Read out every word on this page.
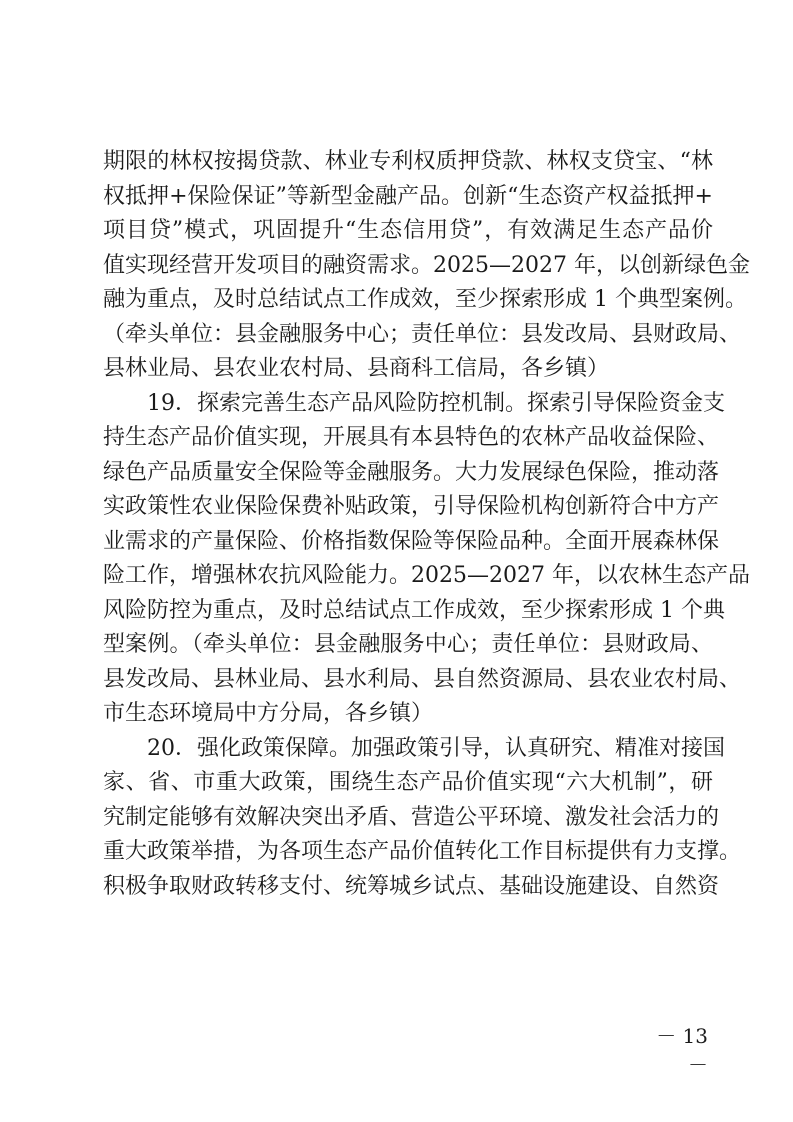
期限的林权按揭贷款、林业专利权质押贷款、林权支贷宝、“林
权抵押+保险保证”等新型金融产品。创新“生态资产权益抵押+
项目贷”模式，巩固提升“生态信用贷”，有效满足生态产品价
值实现经营开发项目的融资需求。2025—2027 年，以创新绿色金
融为重点，及时总结试点工作成效，至少探索形成 1 个典型案例。
（牵头单位：县金融服务中心；责任单位：县发改局、县财政局、
县林业局、县农业农村局、县商科工信局，各乡镇）
　　19．探索完善生态产品风险防控机制。探索引导保险资金支
持生态产品价值实现，开展具有本县特色的农林产品收益保险、
绿色产品质量安全保险等金融服务。大力发展绿色保险，推动落
实政策性农业保险保费补贴政策，引导保险机构创新符合中方产
业需求的产量保险、价格指数保险等保险品种。全面开展森林保
险工作，增强林农抗风险能力。2025—2027 年，以农林生态产品
风险防控为重点，及时总结试点工作成效，至少探索形成 1 个典
型案例。（牵头单位：县金融服务中心；责任单位：县财政局、
县发改局、县林业局、县水利局、县自然资源局、县农业农村局、
市生态环境局中方分局，各乡镇）
　　20．强化政策保障。加强政策引导，认真研究、精准对接国
家、省、市重大政策，围绕生态产品价值实现“六大机制”，研
究制定能够有效解决突出矛盾、营造公平环境、激发社会活力的
重大政策举措，为各项生态产品价值转化工作目标提供有力支撑。
积极争取财政转移支付、统筹城乡试点、基础设施建设、自然资
－ 13 －
